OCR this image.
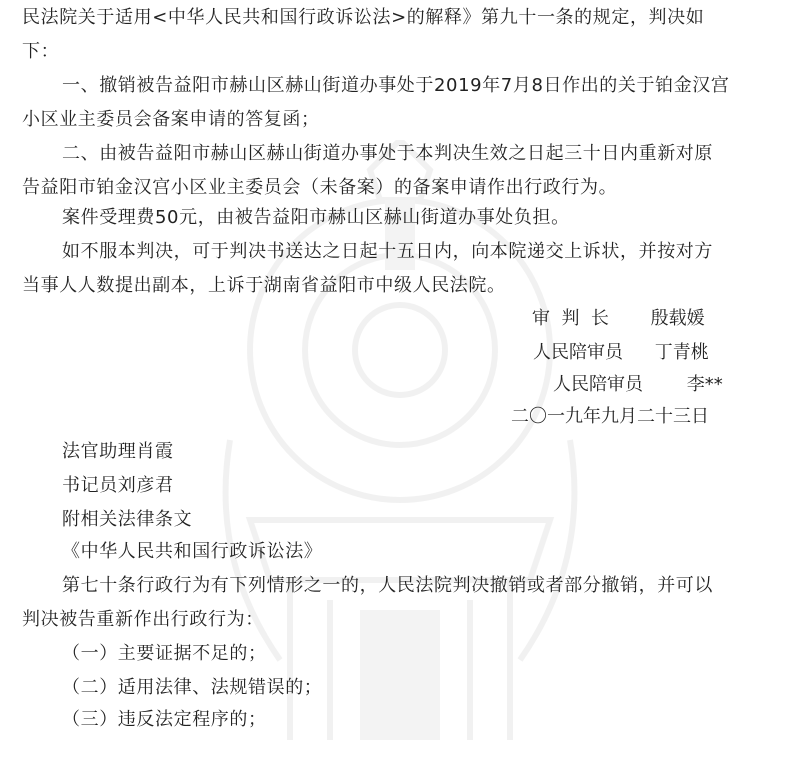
民法院关于适用<中华人民共和国行政诉讼法>的解释》第九十一条的规定，判决如
下：
一、撤销被告益阳市赫山区赫山街道办事处于2019年7月8日作出的关于铂金汉宫
小区业主委员会备案申请的答复函；
二、由被告益阳市赫山区赫山街道办事处于本判决生效之日起三十日内重新对原
告益阳市铂金汉宫小区业主委员会（未备案）的备案申请作出行政行为。
案件受理费50元，由被告益阳市赫山区赫山街道办事处负担。
如不服本判决，可于判决书送达之日起十五日内，向本院递交上诉状，并按对方
当事人人数提出副本，上诉于湖南省益阳市中级人民法院。
审  判  长 殷载媛
人民陪审员 丁青桃
人民陪审员 李**
二〇一九年九月二十三日
法官助理肖霞
书记员刘彦君
附相关法律条文
《中华人民共和国行政诉讼法》
第七十条行政行为有下列情形之一的，人民法院判决撤销或者部分撤销，并可以
判决被告重新作出行政行为：
（一）主要证据不足的；
（二）适用法律、法规错误的；
（三）违反法定程序的；
